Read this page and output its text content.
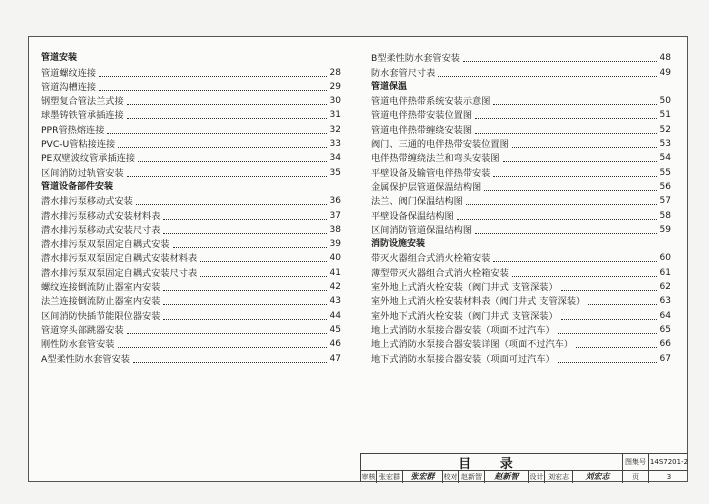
管道安装
管道螺纹连接	28
管道沟槽连接	29
钢塑复合管法兰式接	30
球墨铸铁管承插连接	31
PPR管热熔连接	32
PVC-U管粘接连接	33
PE双壁波纹管承插连接	34
区间消防过轨管安装	35
管道设备部件安装
潜水排污泵移动式安装	36
潜水排污泵移动式安装材料表	37
潜水排污泵移动式安装尺寸表	38
潜水排污泵双泵固定自耦式安装	39
潜水排污泵双泵固定自耦式安装材料表	40
潜水排污泵双泵固定自耦式安装尺寸表	41
螺纹连接倒流防止器室内安装	42
法兰连接倒流防止器室内安装	43
区间消防快插节能限位器安装	44
管道穿头部跳器安装	45
刚性防水套管安装	46
A型柔性防水套管安装	47
B型柔性防水套管安装	48
防水套管尺寸表	49
管道保温
管道电伴热带系统安装示意图	50
管道电伴热带安装位置图	51
管道电伴热带缠绕安装图	52
阀门、三通的电伴热带安装位置图	53
电伴热带缠绕法兰和弯头安装图	54
平壁设备及输管电伴热带安装	55
金属保护层管道保温结构图	56
法兰、阀门保温结构图	57
平壁设备保温结构图	58
区间消防管道保温结构图	59
消防设施安装
带灭火器组合式消火栓箱安装	60
薄型带灭火器组合式消火栓箱安装	61
室外地上式消火栓安装（阀门井式 支管深装）	62
室外地上式消火栓安装材料表（阀门井式 支管深装）	63
室外地下式消火栓安装（阀门井式 支管深装）	64
地上式消防水泵接合器安装（项面不过汽车）	65
地上式消防水泵接合器安装详图（项面不过汽车）	66
地下式消防水泵接合器安装（项面可过汽车）	67
目 录	图集号 14S7201-2
审核 张宏群 张宏群 校对 赵新智 赵新智 设计 刘宏志 刘宏志	页	3
